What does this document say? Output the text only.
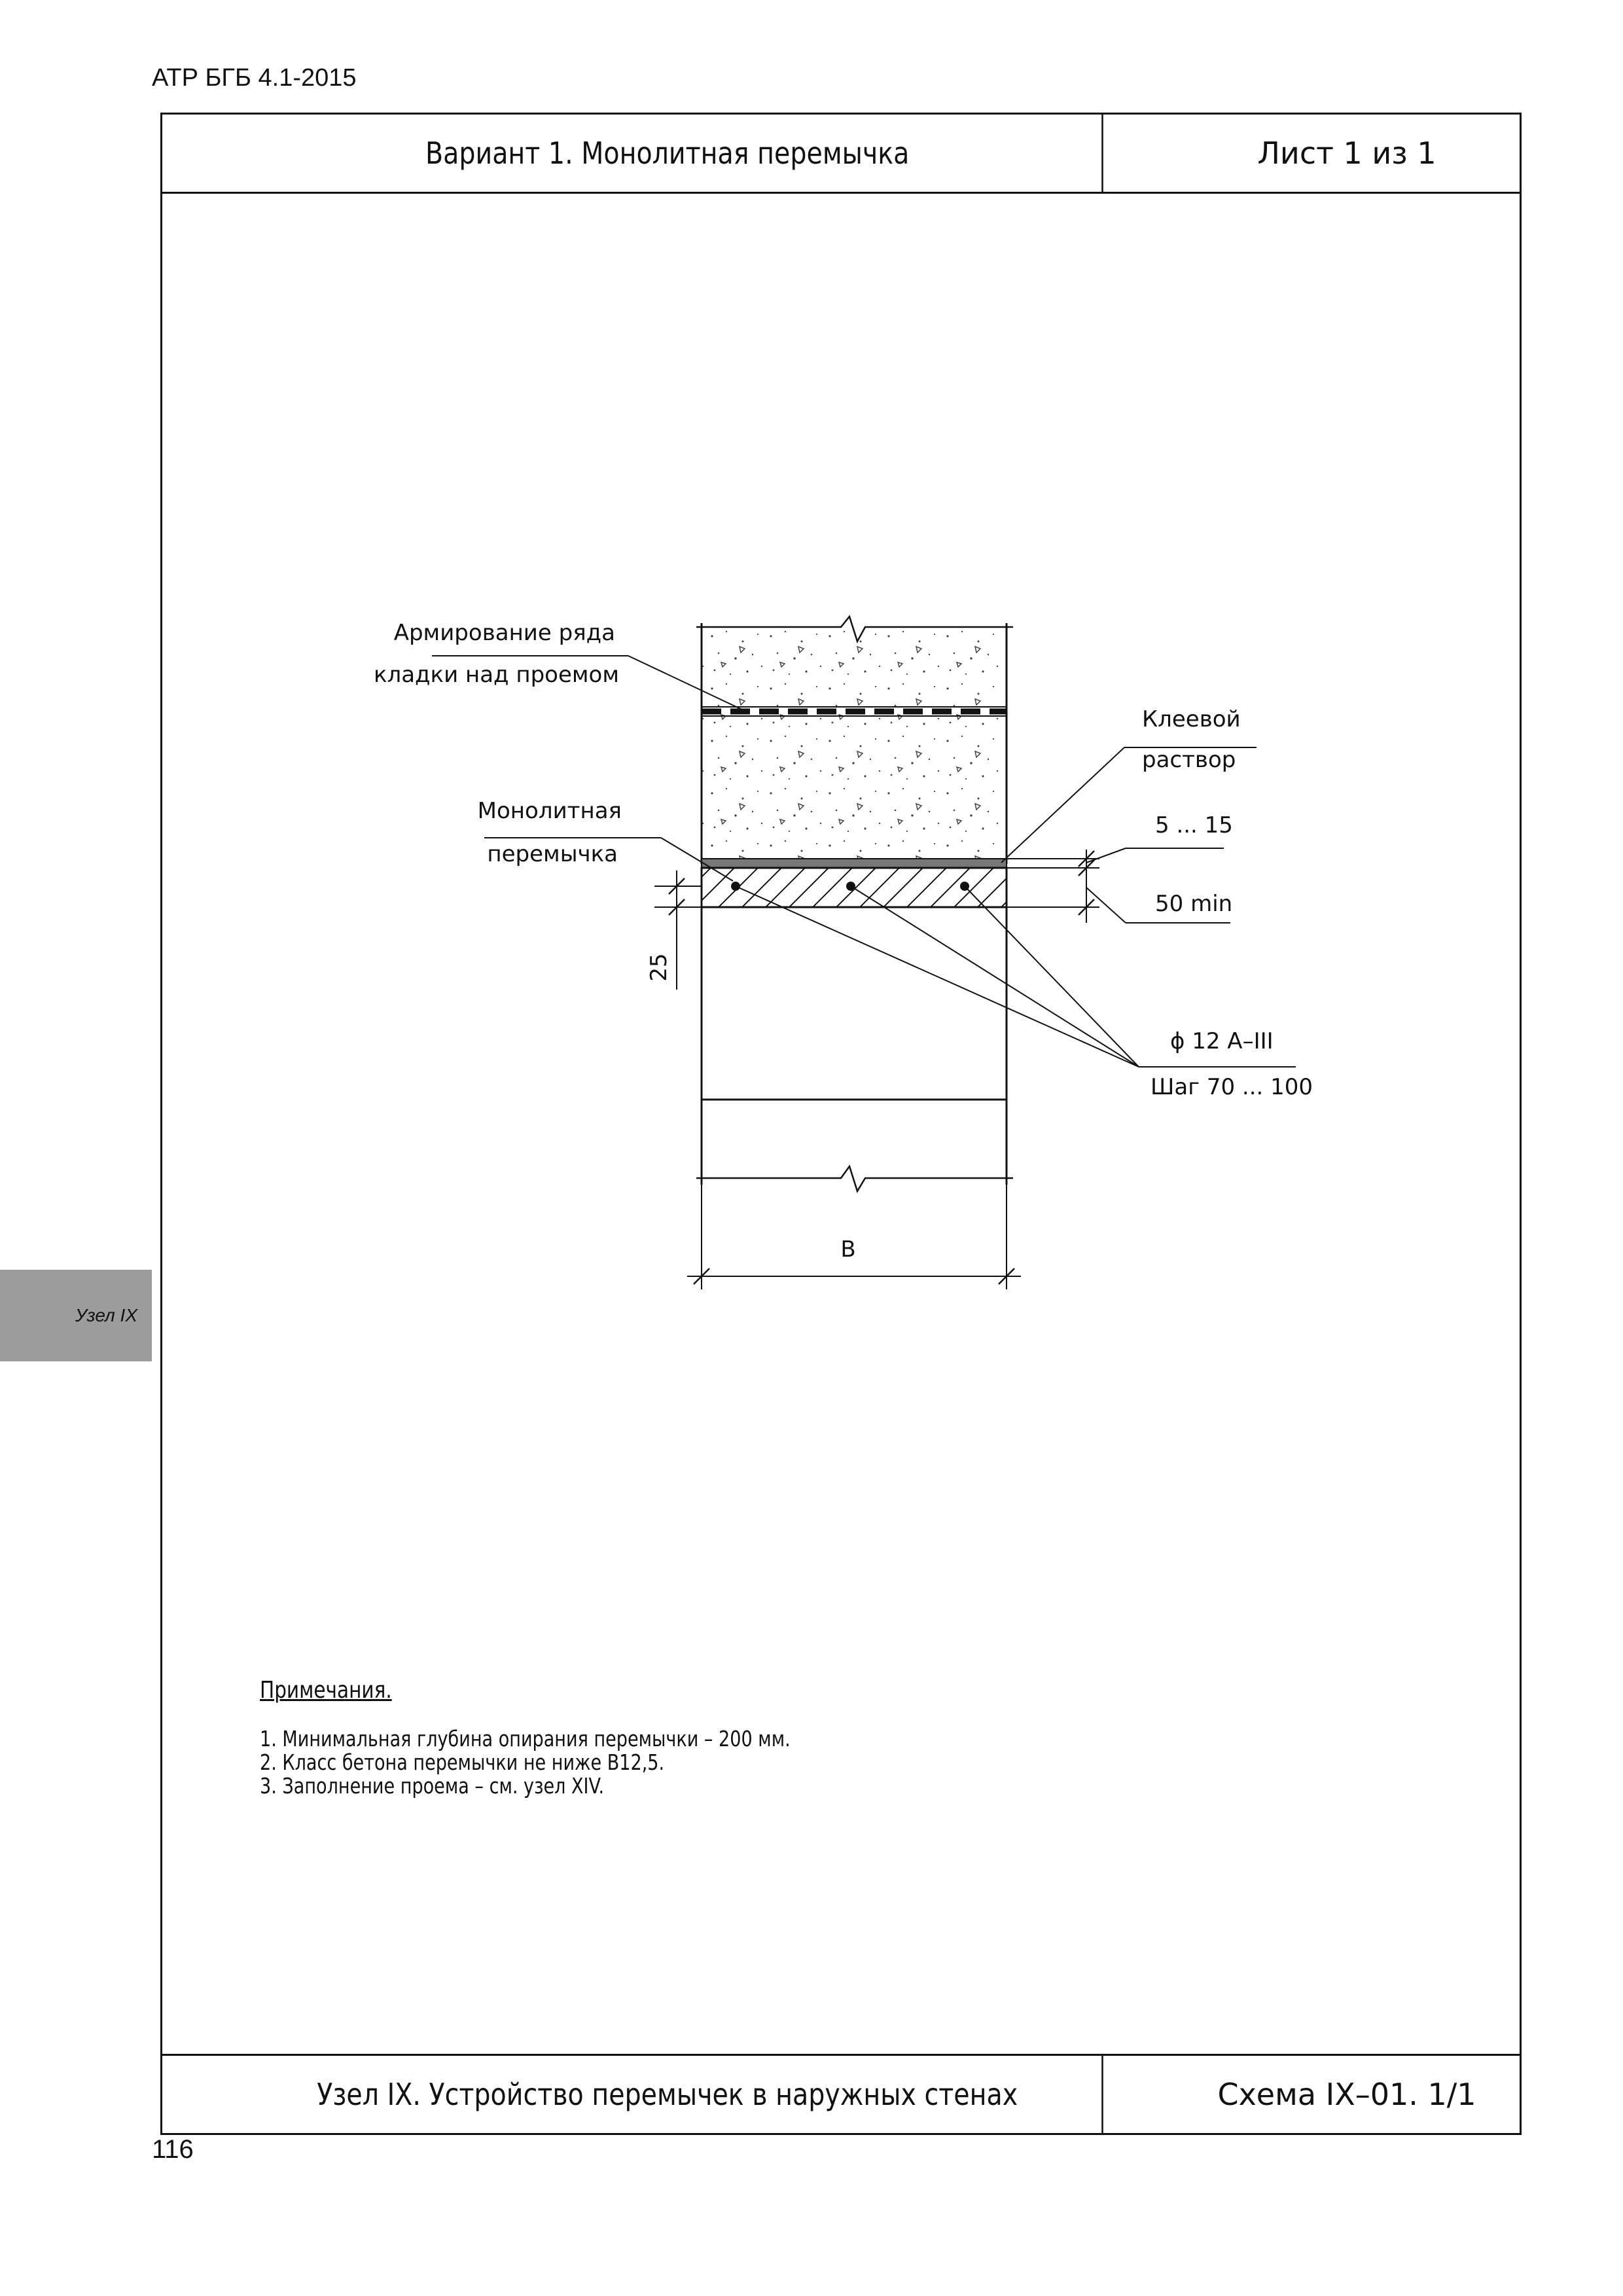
АТР БГБ 4.1-2015
Вариант 1. Монолитная перемычка	Лист 1 из 1
Узел IX. Устройство перемычек в наружных стенах	Схема IX–01. 1/1
Узел IX
B
Армирование ряда
кладки над проемом
Клеевой
раствор
Монолитная
перемычка
5 ... 15
50 min
25
ϕ 12 А–III
Шаг 70 ... 100
Примечания.
1. Минимальная глубина опирания перемычки – 200 мм.
2. Класс бетона перемычки не ниже В12,5.
3. Заполнение проема – см. узел XIV.
116
